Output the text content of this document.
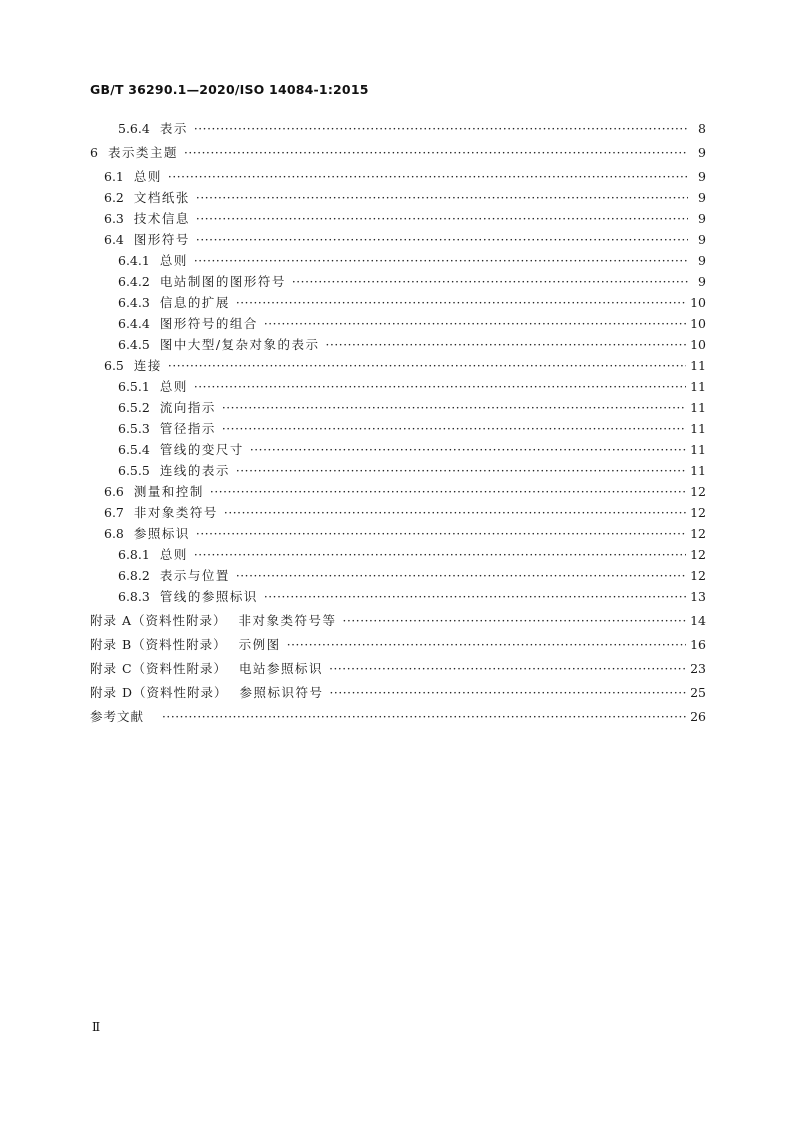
GB/T 36290.1—2020/ISO 14084-1:2015
5.6.4 表示 ·····	8
6 表示类主题 ·····	9
6.1 总则 ·····	9
6.2 文档纸张 ·····	9
6.3 技术信息 ·····	9
6.4 图形符号 ·····	9
6.4.1 总则 ·····	9
6.4.2 电站制图的图形符号 ·····	9
6.4.3 信息的扩展 ·····	10
6.4.4 图形符号的组合 ·····	10
6.4.5 图中大型/复杂对象的表示 ·····	10
6.5 连接 ·····	11
6.5.1 总则 ·····	11
6.5.2 流向指示 ·····	11
6.5.3 管径指示 ·····	11
6.5.4 管线的变尺寸 ·····	11
6.5.5 连线的表示 ·····	11
6.6 测量和控制 ·····	12
6.7 非对象类符号 ·····	12
6.8 参照标识 ·····	12
6.8.1 总则 ·····	12
6.8.2 表示与位置 ·····	12
6.8.3 管线的参照标识 ·····	13
附录 A（资料性附录） 非对象类符号等 ·····	14
附录 B（资料性附录） 示例图 ·····	16
附录 C（资料性附录） 电站参照标识 ·····	23
附录 D（资料性附录） 参照标识符号 ·····	25
参考文献 ·····	26
Ⅱ
